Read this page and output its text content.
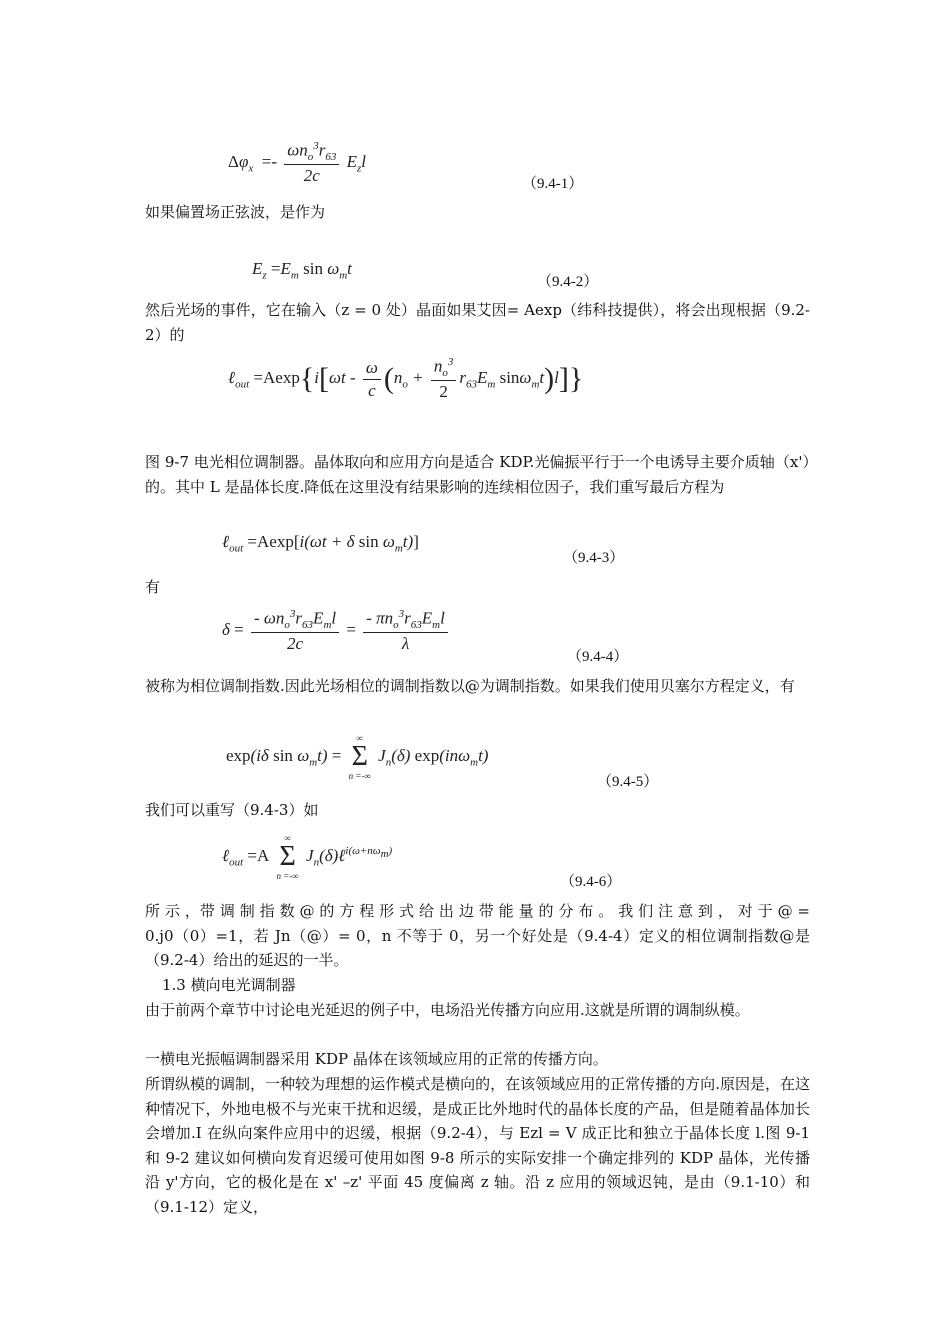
$\Delta\varphi_x =- \frac{\omega n_o^3r_{63}}{2c} E_zl$
（9.4-1）

如果偏置场正弦波，是作为

$E_z =E_m$ $\sin \omega_mt$
（9.4-2）

然后光场的事件，它在输入（z = 0 处）晶面如果艾因= Aexp（纬科技提供），将会出现根据（9.2-2）的

ℓ$_{out}$ $=Aexp\{i[\omega t - \frac{\omega}{c} (n_o + \frac{n_o^3}{2} r_{63}E_m$ sinω$_m$t)l]}

图 9-7 电光相位调制器。晶体取向和应用方向是适合 KDP.光偏振平行于一个电诱导主要介质轴（x'）的。其中 L 是晶体长度.降低在这里没有结果影响的连续相位因子，我们重写最后方程为

ℓ$_{out}$ =Aexp[i(ωt + δ $\sin \omega_mt$)]
（9.4-3）

有

$\delta = \frac{- \omega n_o^3r_{63}E_ml}{2c} = \frac{- \pi n_o^3r_{63}E_ml}{\lambda}$
（9.4-4）

被称为相位调制指数.因此光场相位的调制指数以@为调制指数。如果我们使用贝塞尔方程定义，有

exp(iδ $\sin \omega_mt$) =
∞
Σ
n =-∞
$J_n(\delta)$ exp(inω$_m$t)
（9.4-5）

我们可以重写（9.4-3）如

ℓ$_{out}$ =A
∞
Σ
n =-∞
$J_n(\delta)\ell^{i(\omega+n\omega_m)}$
（9.4-6）

所 示 ，带 调 制 指 数 @ 的 方 程 形 式 给 出 边 带 能 量 的 分 布 。 我 们 注 意 到 ， 对 于 @ = 0.j0（0）=1，若 Jn（@）= 0，n 不等于 0，另一个好处是（9.4-4）定义的相位调制指数@是（9.2-4）给出的延迟的一半。

1.3 横向电光调制器

由于前两个章节中讨论电光延迟的例子中，电场沿光传播方向应用.这就是所谓的调制纵模。

一横电光振幅调制器采用 KDP 晶体在该领域应用的正常的传播方向。

所谓纵模的调制，一种较为理想的运作模式是横向的，在该领域应用的正常传播的方向.原因是，在这种情况下，外地电极不与光束干扰和迟缓，是成正比外地时代的晶体长度的产品，但是随着晶体加长会增加.I 在纵向案件应用中的迟缓，根据（9.2-4），与 Ezl = V 成正比和独立于晶体长度 l.图 9-1 和 9-2 建议如何横向发育迟缓可使用如图 9-8 所示的实际安排一个确定排列的 KDP 晶体，光传播沿 y'方向，它的极化是在 x' –z' 平面 45 度偏离 z 轴。沿 z 应用的领域迟钝，是由（9.1-10）和（9.1-12）定义，
